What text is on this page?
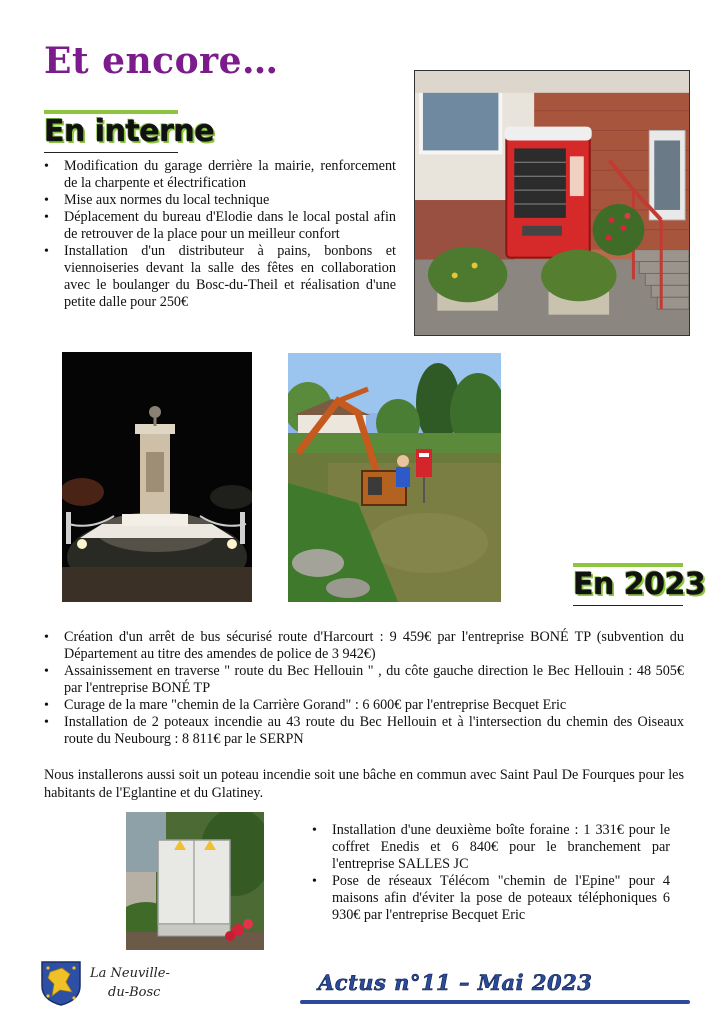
Et encore…
En interne
• Modification du garage derrière la mairie, renforcement de la charpente et électrification
• Mise aux normes du local technique
• Déplacement du bureau d'Elodie dans le local postal afin de retrouver de la place pour un meilleur confort
• Installation d'un distributeur à pains, bonbons et viennoiseries devant la salle des fêtes en collaboration avec le boulanger du Bosc-du-Theil et réalisation d'une petite dalle pour 250€
En 2023
• Création d'un arrêt de bus sécurisé route d'Harcourt : 9 459€ par l'entreprise BONÉ TP (subvention du Département au titre des amendes de police de 3 942€)
• Assainissement en traverse " route du Bec Hellouin " , du côte gauche direction le Bec Hellouin : 48 505€ par l'entreprise BONÉ TP
• Curage de la mare "chemin de la Carrière Gorand" : 6 600€ par l'entreprise Becquet Eric
• Installation de 2 poteaux incendie au 43 route du Bec Hellouin et à l'intersection du chemin des Oiseaux route du Neubourg : 8 811€ par le SERPN

Nous installerons aussi soit un poteau incendie soit une bâche en commun avec Saint Paul De Fourques pour les habitants de l'Eglantine et du Glatiney.

• Installation d'une deuxième boîte foraine : 1 331€ pour le coffret Enedis et 6 840€ pour le branchement par l'entreprise SALLES JC
• Pose de réseaux Télécom "chemin de l'Epine" pour 4 maisons afin d'éviter la pose de poteaux téléphoniques 6 930€ par l'entreprise Becquet Eric
La Neuville-
du-Bosc	Actus n°11 – Mai 2023
